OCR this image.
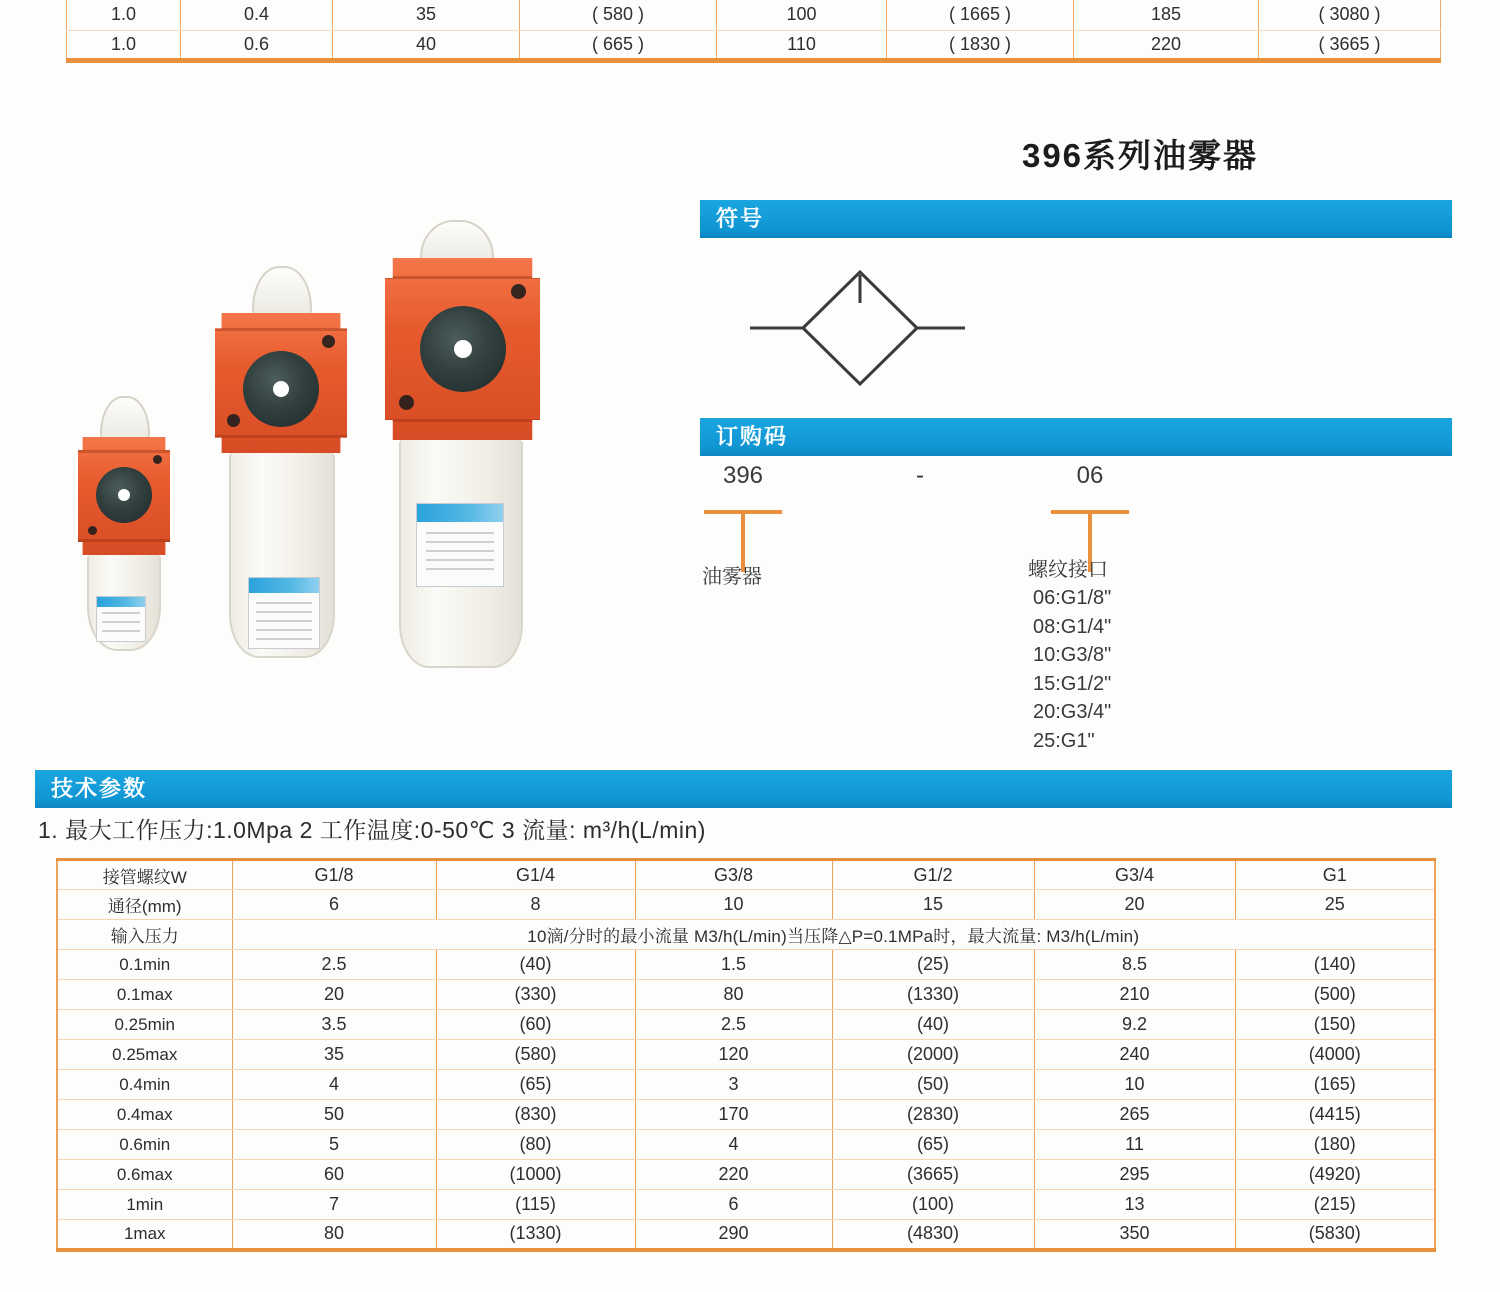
1.0	0.4	35	( 580 )	100	( 1665 )	185	( 3080 )
1.0	0.6	40	( 665 )	110	( 1830 )	220	( 3665 )
396系列油雾器
符号
订购码
396	-	06
油雾器	螺纹接口
06:G1/8"
08:G1/4"
10:G3/8"
15:G1/2"
20:G3/4"
25:G1"
技术参数
1. 最大工作压力:1.0Mpa 2 工作温度:0-50℃ 3 流量: m³/h(L/min)
接管螺纹W	G1/8	G1/4	G3/8	G1/2	G3/4	G1
通径(mm)	6	8	10	15	20	25
输入压力	10滴/分时的最小流量 M3/h(L/min)当压降△P=0.1MPa时，最大流量: M3/h(L/min)					
0.1min	2.5	(40)	1.5	(25)	8.5	(140)
0.1max	20	(330)	80	(1330)	210	(500)
0.25min	3.5	(60)	2.5	(40)	9.2	(150)
0.25max	35	(580)	120	(2000)	240	(4000)
0.4min	4	(65)	3	(50)	10	(165)
0.4max	50	(830)	170	(2830)	265	(4415)
0.6min	5	(80)	4	(65)	11	(180)
0.6max	60	(1000)	220	(3665)	295	(4920)
1min	7	(115)	6	(100)	13	(215)
1max	80	(1330)	290	(4830)	350	(5830)
